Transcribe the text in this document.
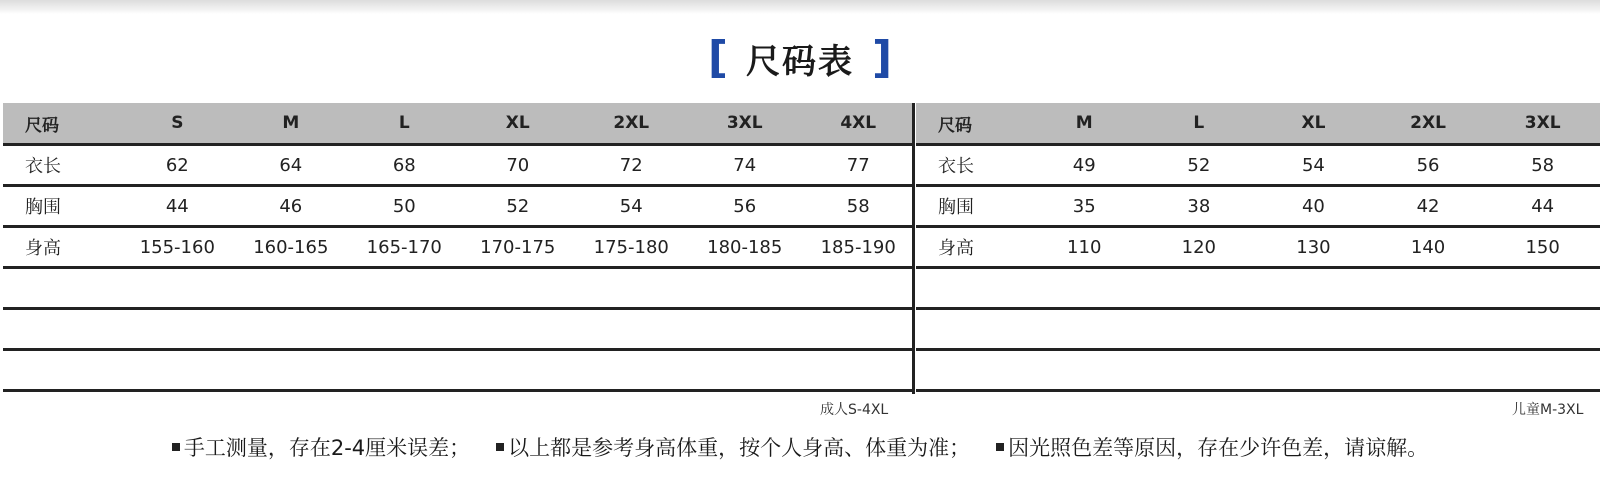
[ 尺码表 ]
尺码	S	M	L	XL	2XL	3XL	4XL
衣长	62	64	68	70	72	74	77
胸围	44	46	50	52	54	56	58
身高	155-160	160-165	165-170	170-175	175-180	180-185	185-190
尺码	M	L	XL	2XL	3XL
衣长	49	52	54	56	58
胸围	35	38	40	42	44
身高	110	120	130	140	150
成人S-4XL	儿童M-3XL
手工测量，存在2-4厘米误差； 以上都是参考身高体重，按个人身高、体重为准； 因光照色差等原因，存在少许色差，请谅解。
